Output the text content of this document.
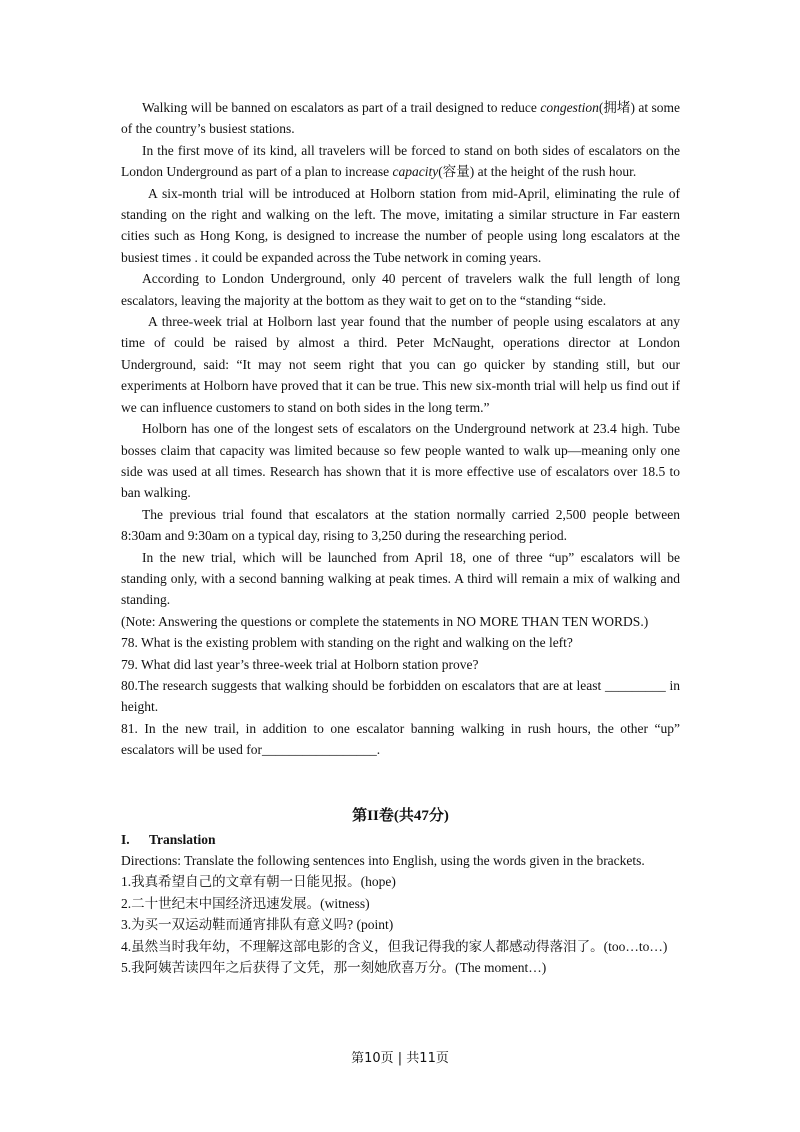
Walking will be banned on escalators as part of a trail designed to reduce congestion(拥堵) at some of the country’s busiest stations.

In the first move of its kind, all travelers will be forced to stand on both sides of escalators on the London Underground as part of a plan to increase capacity(容量) at the height of the rush hour.

A six-month trial will be introduced at Holborn station from mid-April, eliminating the rule of standing on the right and walking on the left. The move, imitating a similar structure in Far eastern cities such as Hong Kong, is designed to increase the number of people using long escalators at the busiest times . it could be expanded across the Tube network in coming years.

According to London Underground, only 40 percent of travelers walk the full length of long escalators, leaving the majority at the bottom as they wait to get on to the “standing “side.

A three-week trial at Holborn last year found that the number of people using escalators at any time of could be raised by almost a third. Peter McNaught, operations director at London Underground, said: “It may not seem right that you can go quicker by standing still, but our experiments at Holborn have proved that it can be true. This new six-month trial will help us find out if we can influence customers to stand on both sides in the long term.”

Holborn has one of the longest sets of escalators on the Underground network at 23.4 high. Tube bosses claim that capacity was limited because so few people wanted to walk up—meaning only one side was used at all times. Research has shown that it is more effective use of escalators over 18.5 to ban walking.

The previous trial found that escalators at the station normally carried 2,500 people between 8:30am and 9:30am on a typical day, rising to 3,250 during the researching period.

In the new trial, which will be launched from April 18, one of three “up” escalators will be standing only, with a second banning walking at peak times. A third will remain a mix of walking and standing.

(Note: Answering the questions or complete the statements in NO MORE THAN TEN WORDS.)

78. What is the existing problem with standing on the right and walking on the left?

79. What did last year’s three-week trial at Holborn station prove?

80.The research suggests that walking should be forbidden on escalators that are at least _________ in height.

81. In the new trail, in addition to one escalator banning walking in rush hours, the other “up” escalators will be used for_________________.

第II卷(共47分)
I. Translation

Directions: Translate the following sentences into English, using the words given in the brackets.

1.我真希望自己的文章有朝一日能见报。(hope)

2.二十世纪末中国经济迅速发展。(witness)

3.为买一双运动鞋而通宵排队有意义吗? (point)

4.虽然当时我年幼，不理解这部电影的含义，但我记得我的家人都感动得落泪了。(too…to…)

5.我阿姨苦读四年之后获得了文凭，那一刻她欣喜万分。(The moment…)

第10页 | 共11页
